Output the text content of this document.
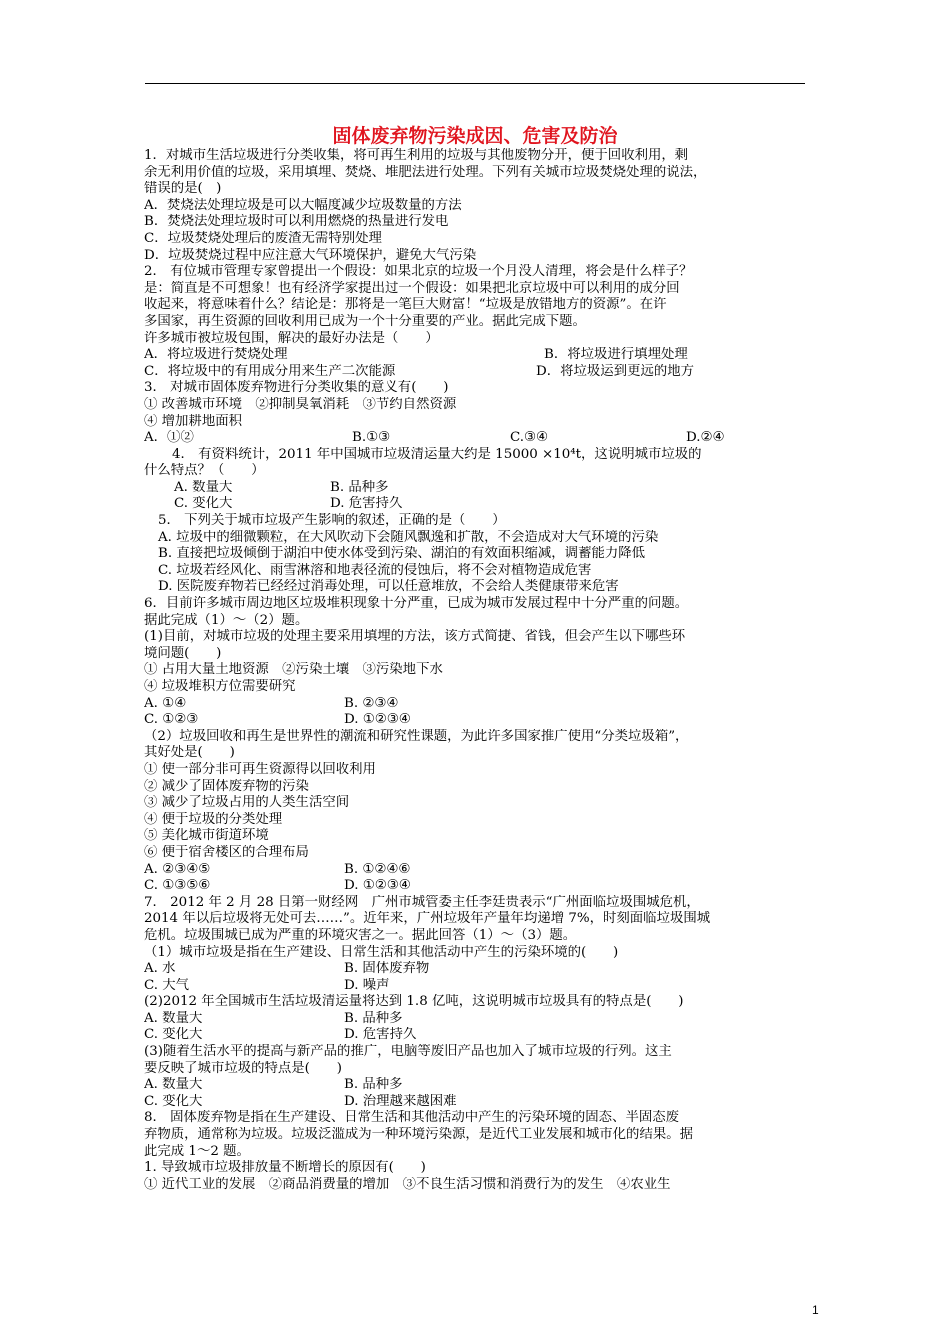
固体废弃物污染成因、危害及防治
1．对城市生活垃圾进行分类收集，将可再生利用的垃圾与其他废物分开，便于回收利用，剩
余无利用价值的垃圾，采用填埋、焚烧、堆肥法进行处理。下列有关城市垃圾焚烧处理的说法，
错误的是(　)
A．焚烧法处理垃圾是可以大幅度减少垃圾数量的方法
B．焚烧法处理垃圾时可以利用燃烧的热量进行发电
C．垃圾焚烧处理后的废渣无需特别处理
D．垃圾焚烧过程中应注意大气环境保护，避免大气污染
2． 有位城市管理专家曾提出一个假设：如果北京的垃圾一个月没人清理，将会是什么样子？
是：简直是不可想象！也有经济学家提出过一个假设：如果把北京垃圾中可以利用的成分回
收起来，将意味着什么？结论是：那将是一笔巨大财富！“垃圾是放错地方的资源”。在许
多国家，再生资源的回收利用已成为一个十分重要的产业。据此完成下题。
许多城市被垃圾包围，解决的最好办法是（　　）
A．将垃圾进行焚烧处理	B．将垃圾进行填埋处理
C．将垃圾中的有用成分用来生产二次能源	D．将垃圾运到更远的地方
3． 对城市固体废弃物进行分类收集的意义有(　　)
① 改善城市环境　②抑制臭氧消耗　③节约自然资源
④ 增加耕地面积
A．①②	B.①③	C.③④	D.②④
4． 有资料统计，2011 年中国城市垃圾清运量大约是 15000 ×10⁴t，这说明城市垃圾的
什么特点？（　　）
A. 数量大	B. 品种多
C. 变化大	D. 危害持久
5． 下列关于城市垃圾产生影响的叙述，正确的是（　　）
A. 垃圾中的细微颗粒，在大风吹动下会随风飘逸和扩散，不会造成对大气环境的污染
B. 直接把垃圾倾倒于湖泊中使水体受到污染、湖泊的有效面积缩减，调蓄能力降低
C. 垃圾若经风化、雨雪淋溶和地表径流的侵蚀后，将不会对植物造成危害
D. 医院废弃物若已经经过消毒处理，可以任意堆放，不会给人类健康带来危害
6．目前许多城市周边地区垃圾堆积现象十分严重，已成为城市发展过程中十分严重的问题。
据此完成（1）～（2）题。
(1)目前，对城市垃圾的处理主要采用填埋的方法，该方式简捷、省钱，但会产生以下哪些环
境问题(　　)
① 占用大量土地资源　②污染土壤　③污染地下水
④ 垃圾堆积方位需要研究
A. ①④	B. ②③④
C. ①②③	D. ①②③④
（2）垃圾回收和再生是世界性的潮流和研究性课题，为此许多国家推广使用“分类垃圾箱”，
其好处是(　　)
① 使一部分非可再生资源得以回收利用
② 减少了固体废弃物的污染
③ 减少了垃圾占用的人类生活空间
④ 便于垃圾的分类处理
⑤ 美化城市街道环境
⑥ 便于宿舍楼区的合理布局
A. ②③④⑤	B. ①②④⑥
C. ①③⑤⑥	D. ①②③④
7． 2012 年 2 月 28 日第一财经网　广州市城管委主任李廷贵表示“广州面临垃圾围城危机，
2014 年以后垃圾将无处可去……”。近年来，广州垃圾年产量年均递增 7%，时刻面临垃圾围城
危机。垃圾围城已成为严重的环境灾害之一。据此回答（1）～（3）题。
（1）城市垃圾是指在生产建设、日常生活和其他活动中产生的污染环境的(　　)
A. 水	B. 固体废弃物
C. 大气	D. 噪声
(2)2012 年全国城市生活垃圾清运量将达到 1.8 亿吨，这说明城市垃圾具有的特点是(　　)
A. 数量大	B. 品种多
C. 变化大	D. 危害持久
(3)随着生活水平的提高与新产品的推广，电脑等废旧产品也加入了城市垃圾的行列。这主
要反映了城市垃圾的特点是(　　)
A. 数量大	B. 品种多
C. 变化大	D. 治理越来越困难
8． 固体废弃物是指在生产建设、日常生活和其他活动中产生的污染环境的固态、半固态废
弃物质，通常称为垃圾。垃圾泛滥成为一种环境污染源，是近代工业发展和城市化的结果。据
此完成 1～2 题。
1. 导致城市垃圾排放量不断增长的原因有(　　)
① 近代工业的发展　②商品消费量的增加　③不良生活习惯和消费行为的发生　④农业生
1
